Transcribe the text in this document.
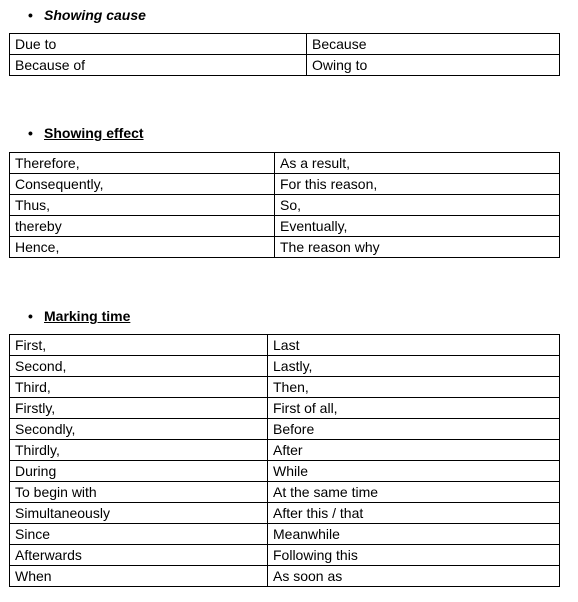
• Showing cause
Due to	Because
Because of	Owing to
• Showing effect
Therefore,	As a result,
Consequently,	For this reason,
Thus,	So,
thereby	Eventually,
Hence,	The reason why
• Marking time
First,	Last
Second,	Lastly,
Third,	Then,
Firstly,	First of all,
Secondly,	Before
Thirdly,	After
During	While
To begin with	At the same time
Simultaneously	After this / that
Since	Meanwhile
Afterwards	Following this
When	As soon as
